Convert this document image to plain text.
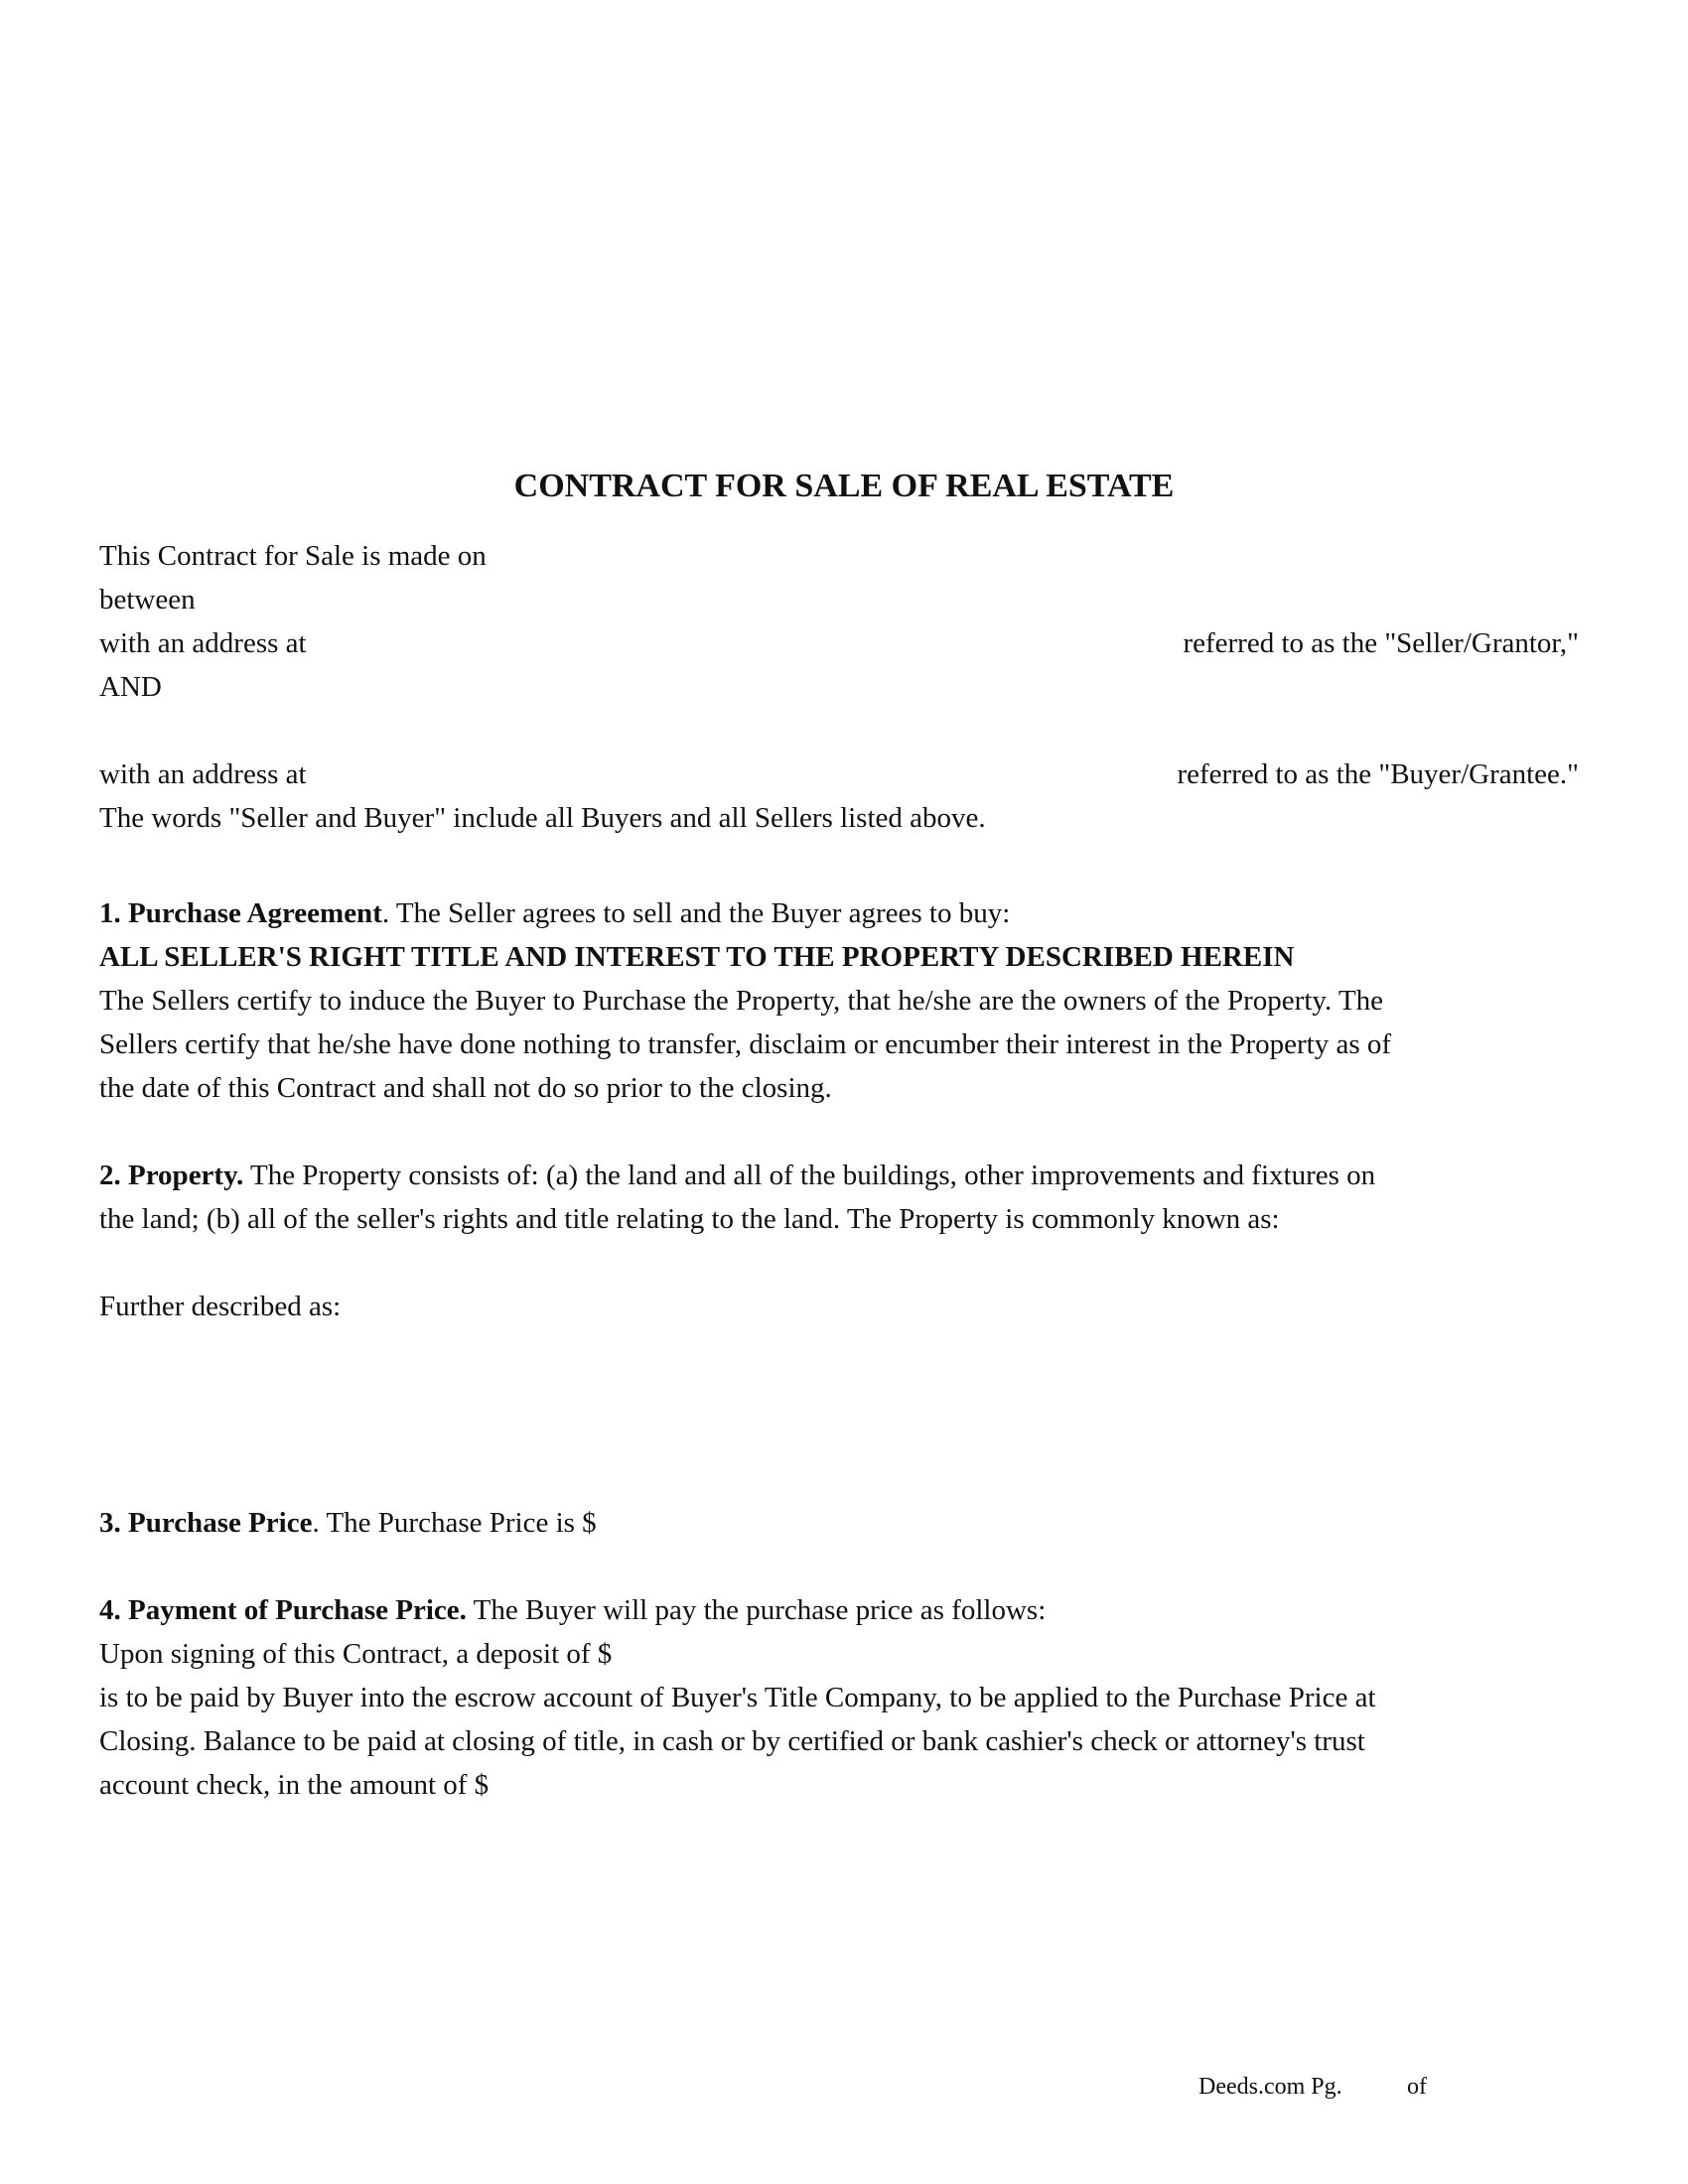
CONTRACT FOR SALE OF REAL ESTATE
This Contract for Sale is made on
between
with an address at	referred to as the "Seller/Grantor,"
AND
with an address at	referred to as the "Buyer/Grantee."
The words "Seller and Buyer" include all Buyers and all Sellers listed above.
1. Purchase Agreement. The Seller agrees to sell and the Buyer agrees to buy:
ALL SELLER'S RIGHT TITLE AND INTEREST TO THE PROPERTY DESCRIBED HEREIN
The Sellers certify to induce the Buyer to Purchase the Property, that he/she are the owners of the Property. The
Sellers certify that he/she have done nothing to transfer, disclaim or encumber their interest in the Property as of
the date of this Contract and shall not do so prior to the closing.
2. Property. The Property consists of: (a) the land and all of the buildings, other improvements and fixtures on
the land; (b) all of the seller's rights and title relating to the land. The Property is commonly known as:
Further described as:
3. Purchase Price. The Purchase Price is $
4. Payment of Purchase Price. The Buyer will pay the purchase price as follows:
Upon signing of this Contract, a deposit of $
is to be paid by Buyer into the escrow account of Buyer's Title Company, to be applied to the Purchase Price at
Closing. Balance to be paid at closing of title, in cash or by certified or bank cashier's check or attorney's trust
account check, in the amount of $
Deeds.com Pg.	of
